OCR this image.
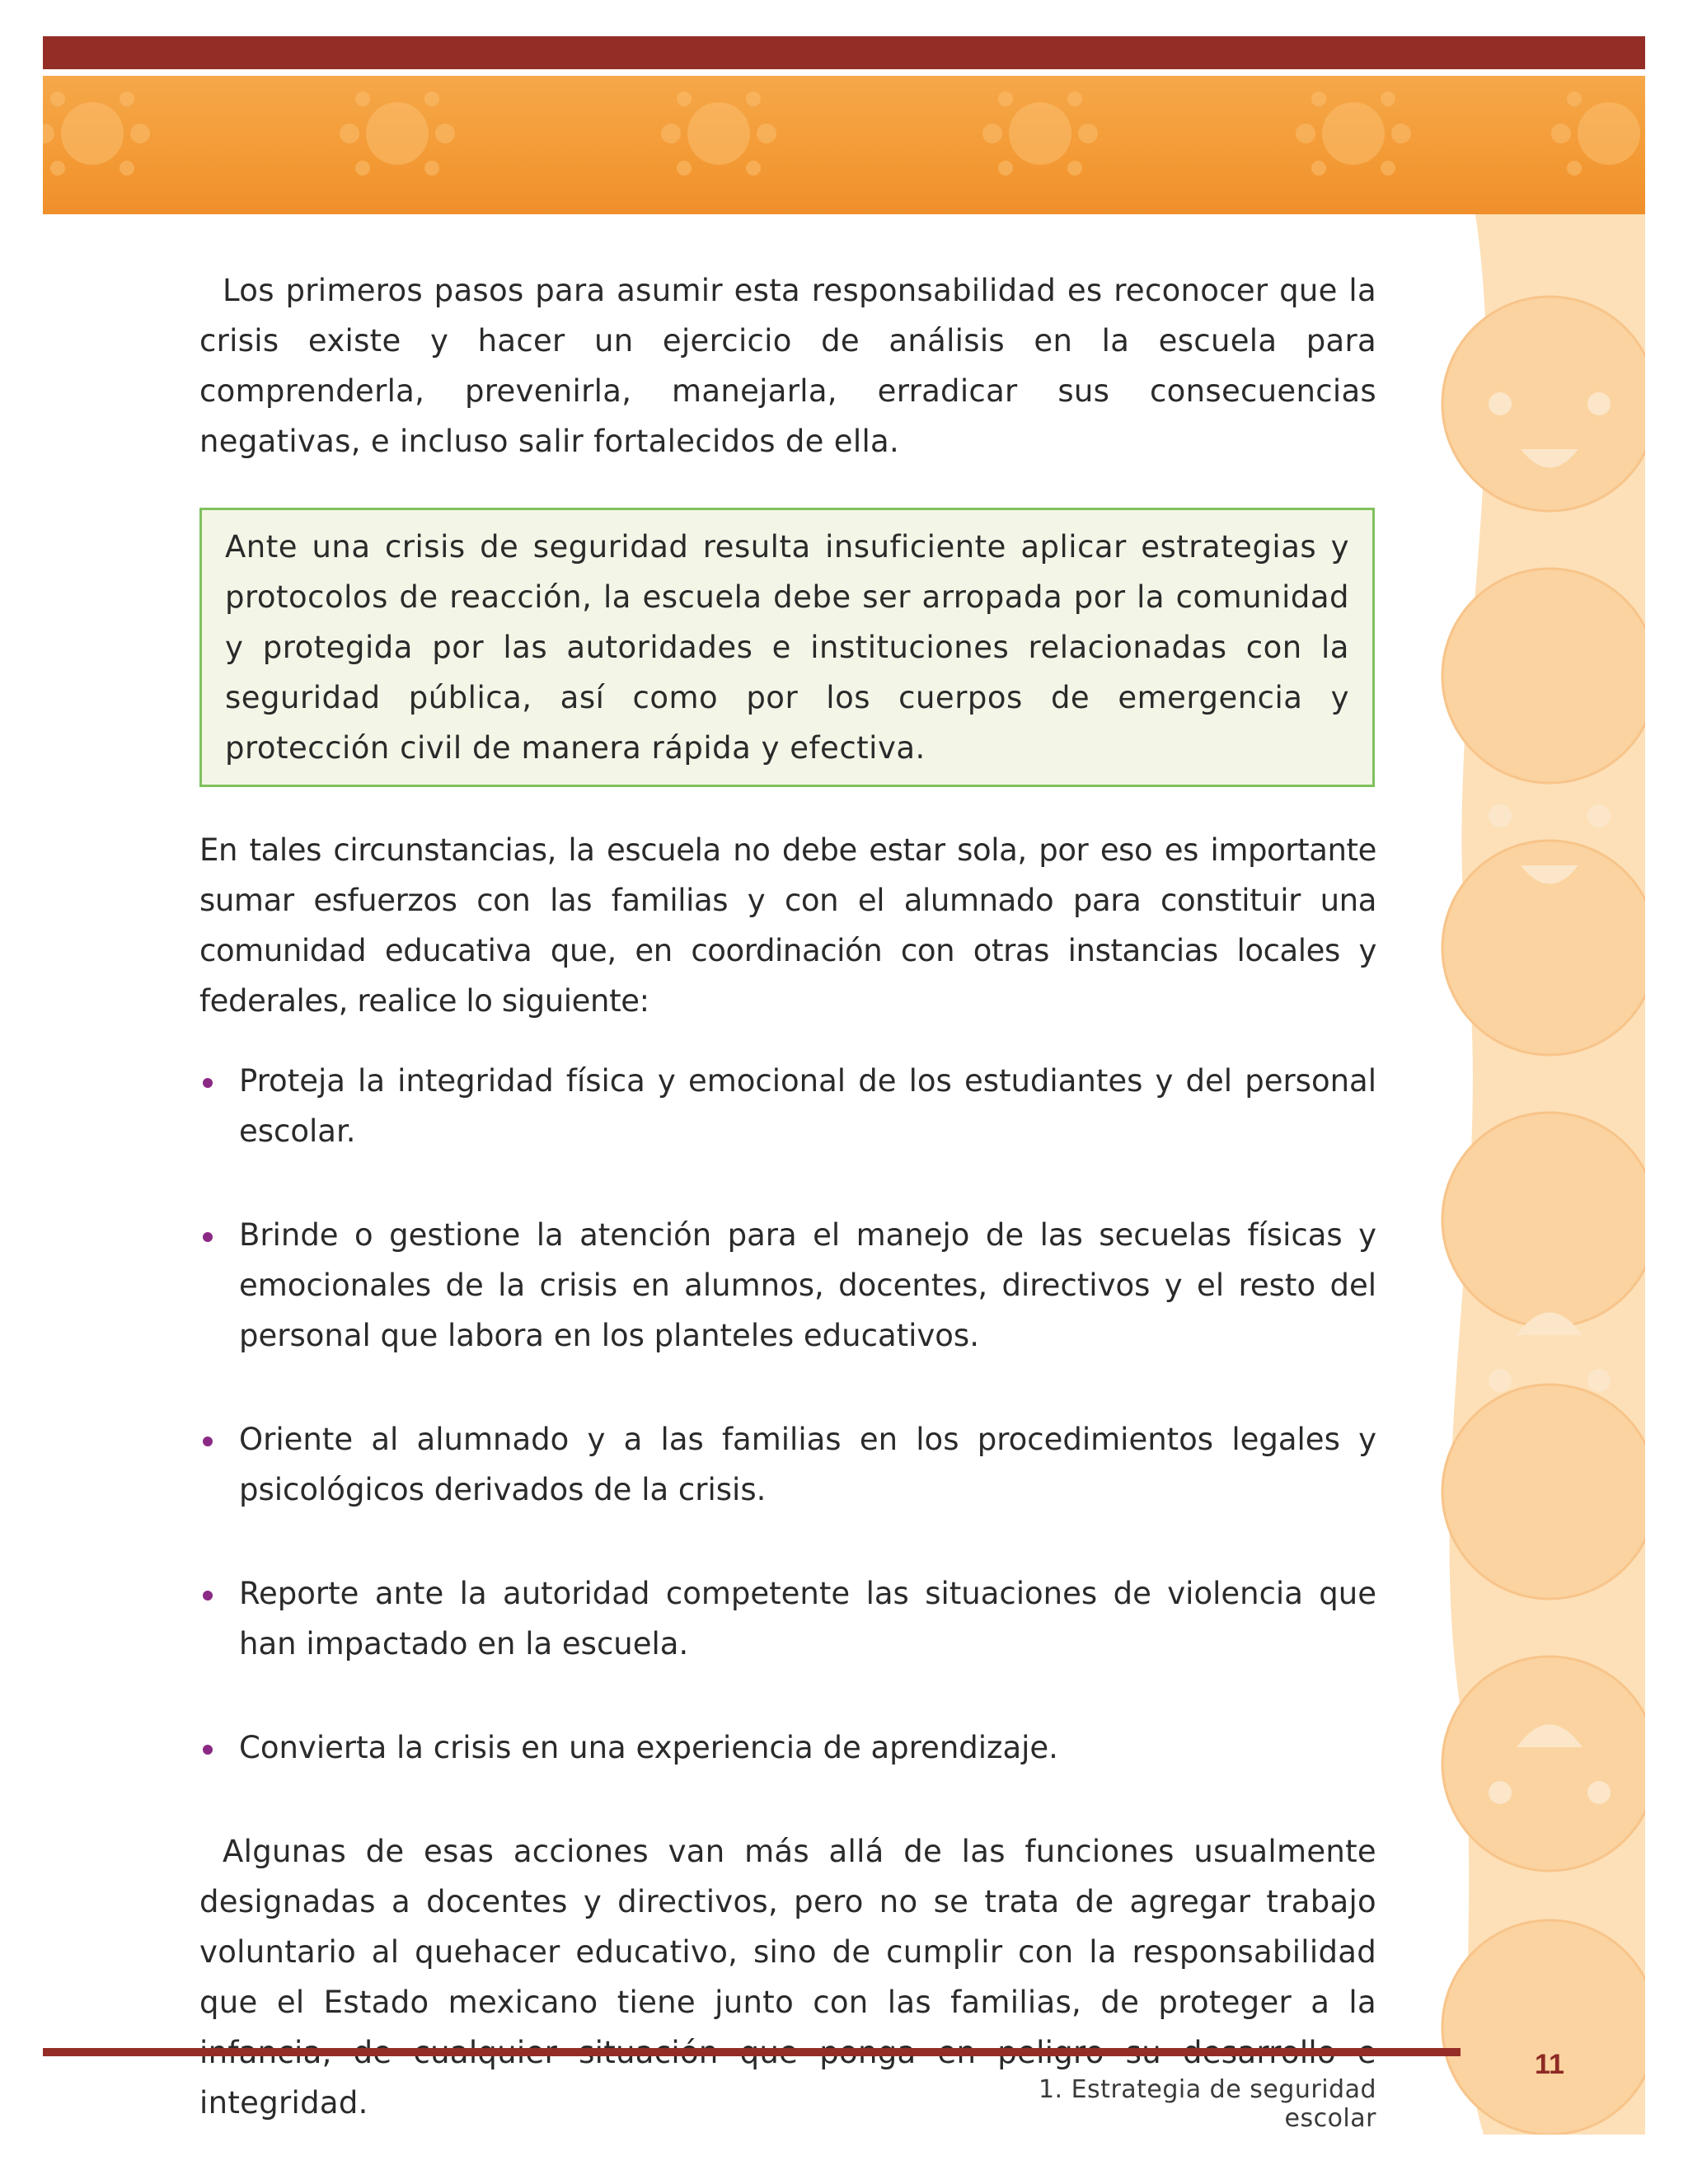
Los primeros pasos para asumir esta responsabilidad es reconocer que la crisis existe y hacer un ejercicio de análisis en la escuela para comprenderla, prevenirla, manejarla, erradicar sus consecuencias negativas, e incluso salir fortalecidos de ella.

Ante una crisis de seguridad resulta insuficiente aplicar estrategias y protocolos de reacción, la escuela debe ser arropada por la comunidad y protegida por las autoridades e instituciones relacionadas con la seguridad pública, así como por los cuerpos de emergencia y protección civil de manera rápida y efectiva.

En tales circunstancias, la escuela no debe estar sola, por eso es importante sumar esfuerzos con las familias y con el alumnado para constituir una comunidad educativa que, en coordinación con otras instancias locales y federales, realice lo siguiente:

Proteja la integridad física y emocional de los estudiantes y del personal escolar.
Brinde o gestione la atención para el manejo de las secuelas físicas y emocionales de la crisis en alumnos, docentes, directivos y el resto del personal que labora en los planteles educativos.
Oriente al alumnado y a las familias en los procedimientos legales y psicológicos derivados de la crisis.
Reporte ante la autoridad competente las situaciones de violencia que han impactado en la escuela.
Convierta la crisis en una experiencia de aprendizaje.

Algunas de esas acciones van más allá de las funciones usualmente designadas a docentes y directivos, pero no se trata de agregar trabajo voluntario al quehacer educativo, sino de cumplir con la responsabilidad que el Estado mexicano tiene junto con las familias, de proteger a la integridad.

11
1. Estrategia de seguridad escolar
